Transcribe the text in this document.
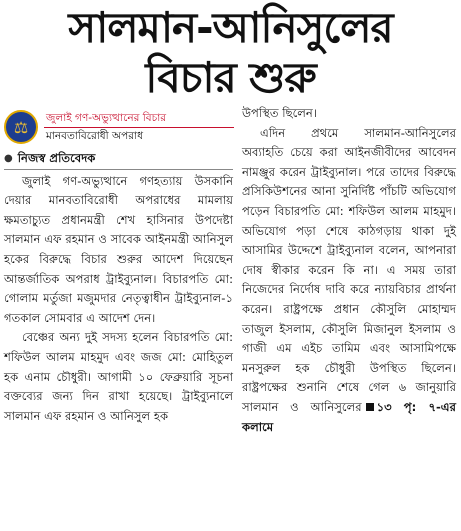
সালমান-আনিসুলের
বিচার শুরু
⚖	জুলাই গণ-অভ্যুত্থানের বিচার
মানবতাবিরোধী অপরাধ
● নিজস্ব প্রতিবেদক

জুলাই গণ-অভ্যুত্থানে গণহত্যায় উসকানি দেয়ার মানবতাবিরোধী অপরাধের মামলায় ক্ষমতাচ্যুত প্রধানমন্ত্রী শেখ হাসিনার উপদেষ্টা সালমান এফ রহমান ও সাবেক আইনমন্ত্রী আনিসুল হকের বিরুদ্ধে বিচার শুরুর আদেশ দিয়েছেন আন্তর্জাতিক অপরাধ ট্রাইব্যুনাল। বিচারপতি মো: গোলাম মর্তুজা মজুমদার নেতৃত্বাধীন ট্রাইব্যুনাল-১ গতকাল সোমবার এ আদেশ দেন।

বেঞ্চের অন্য দুই সদস্য হলেন বিচারপতি মো: শফিউল আলম মাহমুদ এবং জজ মো: মোহিতুল হক এনাম চৌধুরী। আগামী ১০ ফেব্রুয়ারি সূচনা বক্তব্যের জন্য দিন রাখা হয়েছে। ট্রাইব্যুনালে সালমান এফ রহমান ও আনিসুল হক

উপস্থিত ছিলেন।

এদিন প্রথমে সালমান-আনিসুলের অব্যাহতি চেয়ে করা আইনজীবীদের আবেদন নামঞ্জুর করেন ট্রাইব্যুনাল। পরে তাদের বিরুদ্ধে প্রসিকিউশনের আনা সুনির্দিষ্ট পাঁচটি অভিযোগ পড়েন বিচারপতি মো: শফিউল আলম মাহমুদ। অভিযোগ পড়া শেষে কাঠগড়ায় থাকা দুই আসামির উদ্দেশে ট্রাইব্যুনাল বলেন, আপনারা দোষ স্বীকার করেন কি না। এ সময় তারা নিজেদের নির্দোষ দাবি করে ন্যায়বিচার প্রার্থনা করেন। রাষ্ট্রপক্ষে প্রধান কৌসুলি মোহাম্মদ তাজুল ইসলাম, কৌসুলি মিজানুল ইসলাম ও গাজী এম এইচ তামিম এবং আসামিপক্ষে মনসুরুল হক চৌধুরী উপস্থিত ছিলেন। রাষ্ট্রপক্ষের শুনানি শেষে গেল ৬ জানুয়ারি সালমান ও আনিসুলের ১৩ পৃ: ৭-এর কলামে
